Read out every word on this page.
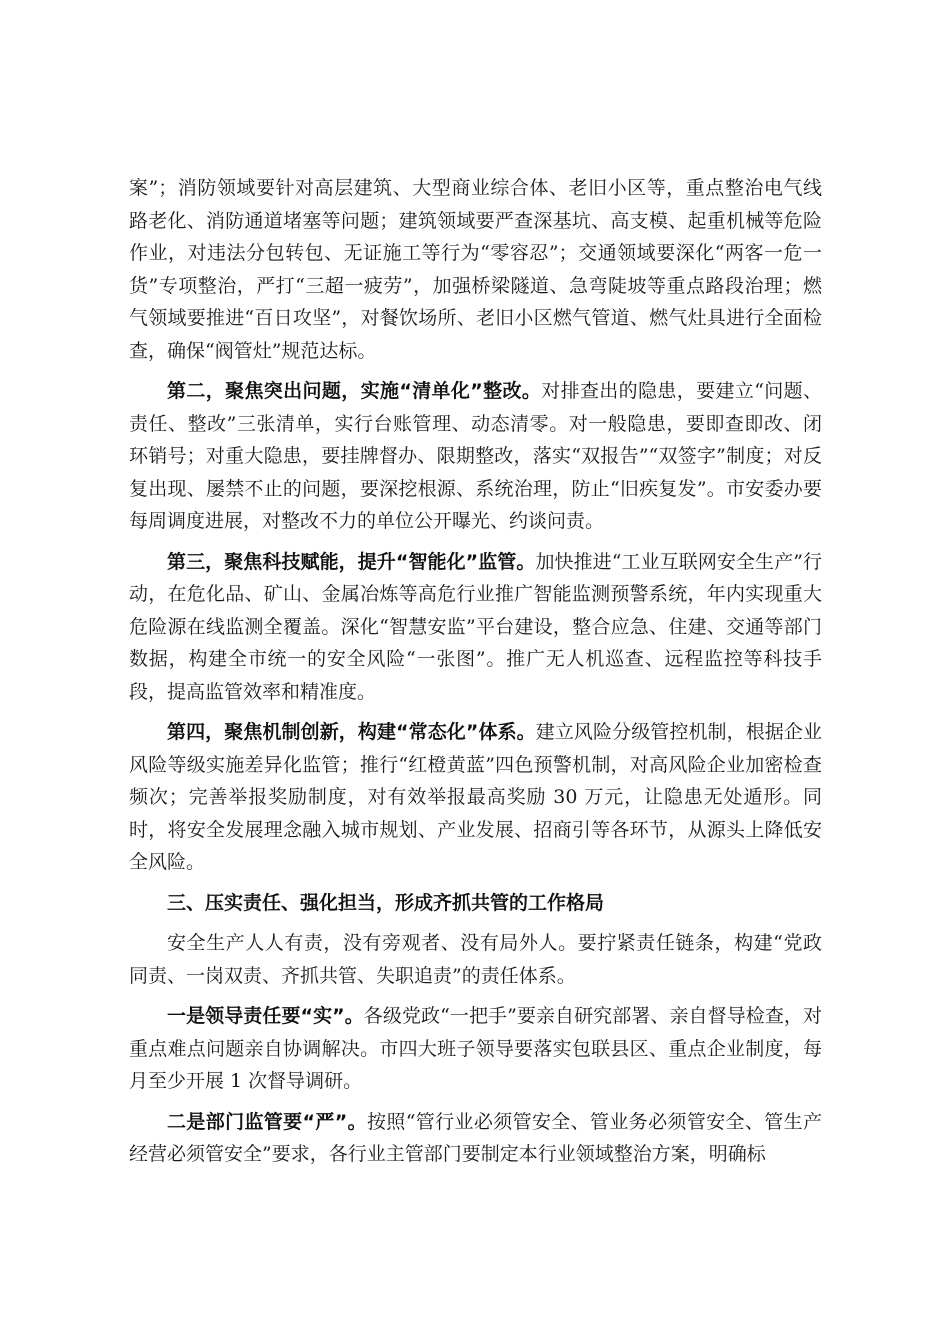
案”；消防领域要针对高层建筑、大型商业综合体、老旧小区等，重点整治电气线路老化、消防通道堵塞等问题；建筑领域要严查深基坑、高支模、起重机械等危险作业，对违法分包转包、无证施工等行为“零容忍”；交通领域要深化“两客一危一货”专项整治，严打“三超一疲劳”，加强桥梁隧道、急弯陡坡等重点路段治理；燃气领域要推进“百日攻坚”，对餐饮场所、老旧小区燃气管道、燃气灶具进行全面检查，确保“阀管灶”规范达标。

第二，聚焦突出问题，实施“清单化”整改。对排查出的隐患，要建立“问题、责任、整改”三张清单，实行台账管理、动态清零。对一般隐患，要即查即改、闭环销号；对重大隐患，要挂牌督办、限期整改，落实“双报告”“双签字”制度；对反复出现、屡禁不止的问题，要深挖根源、系统治理，防止“旧疾复发”。市安委办要每周调度进展，对整改不力的单位公开曝光、约谈问责。

第三，聚焦科技赋能，提升“智能化”监管。加快推进“工业互联网安全生产”行动，在危化品、矿山、金属冶炼等高危行业推广智能监测预警系统，年内实现重大危险源在线监测全覆盖。深化“智慧安监”平台建设，整合应急、住建、交通等部门数据，构建全市统一的安全风险“一张图”。推广无人机巡查、远程监控等科技手段，提高监管效率和精准度。

第四，聚焦机制创新，构建“常态化”体系。建立风险分级管控机制，根据企业风险等级实施差异化监管；推行“红橙黄蓝”四色预警机制，对高风险企业加密检查频次；完善举报奖励制度，对有效举报最高奖励 30 万元，让隐患无处遁形。同时，将安全发展理念融入城市规划、产业发展、招商引等各环节，从源头上降低安全风险。

三、压实责任、强化担当，形成齐抓共管的工作格局

安全生产人人有责，没有旁观者、没有局外人。要拧紧责任链条，构建“党政同责、一岗双责、齐抓共管、失职追责”的责任体系。

一是领导责任要“实”。各级党政“一把手”要亲自研究部署、亲自督导检查，对重点难点问题亲自协调解决。市四大班子领导要落实包联县区、重点企业制度，每月至少开展 1 次督导调研。

二是部门监管要“严”。按照“管行业必须管安全、管业务必须管安全、管生产经营必须管安全”要求，各行业主管部门要制定本行业领域整治方案，明确标
